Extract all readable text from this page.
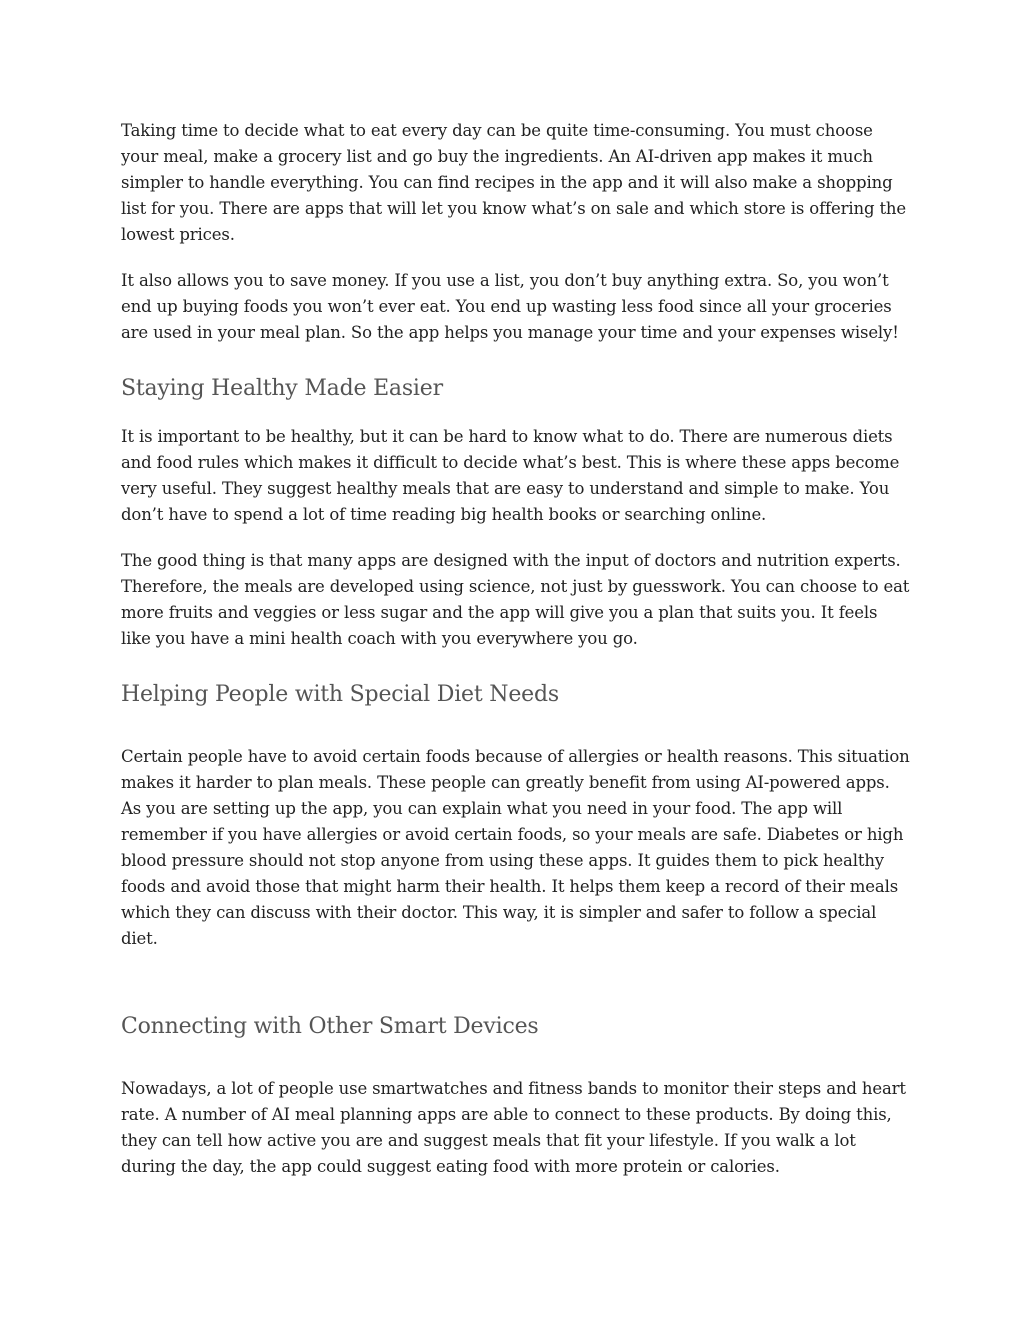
Taking time to decide what to eat every day can be quite time-consuming. You must choose your meal, make a grocery list and go buy the ingredients. An AI-driven app makes it much simpler to handle everything. You can find recipes in the app and it will also make a shopping list for you. There are apps that will let you know what’s on sale and which store is offering the lowest prices.

It also allows you to save money. If you use a list, you don’t buy anything extra. So, you won’t end up buying foods you won’t ever eat. You end up wasting less food since all your groceries are used in your meal plan. So the app helps you manage your time and your expenses wisely!

Staying Healthy Made Easier

It is important to be healthy, but it can be hard to know what to do. There are numerous diets and food rules which makes it difficult to decide what’s best. This is where these apps become very useful. They suggest healthy meals that are easy to understand and simple to make. You don’t have to spend a lot of time reading big health books or searching online.

The good thing is that many apps are designed with the input of doctors and nutrition experts. Therefore, the meals are developed using science, not just by guesswork. You can choose to eat more fruits and veggies or less sugar and the app will give you a plan that suits you. It feels like you have a mini health coach with you everywhere you go.

Helping People with Special Diet Needs

Certain people have to avoid certain foods because of allergies or health reasons. This situation makes it harder to plan meals. These people can greatly benefit from using AI-powered apps. As you are setting up the app, you can explain what you need in your food. The app will remember if you have allergies or avoid certain foods, so your meals are safe. Diabetes or high blood pressure should not stop anyone from using these apps. It guides them to pick healthy foods and avoid those that might harm their health. It helps them keep a record of their meals which they can discuss with their doctor. This way, it is simpler and safer to follow a special diet.

Connecting with Other Smart Devices

Nowadays, a lot of people use smartwatches and fitness bands to monitor their steps and heart rate. A number of AI meal planning apps are able to connect to these products. By doing this, they can tell how active you are and suggest meals that fit your lifestyle. If you walk a lot during the day, the app could suggest eating food with more protein or calories.
